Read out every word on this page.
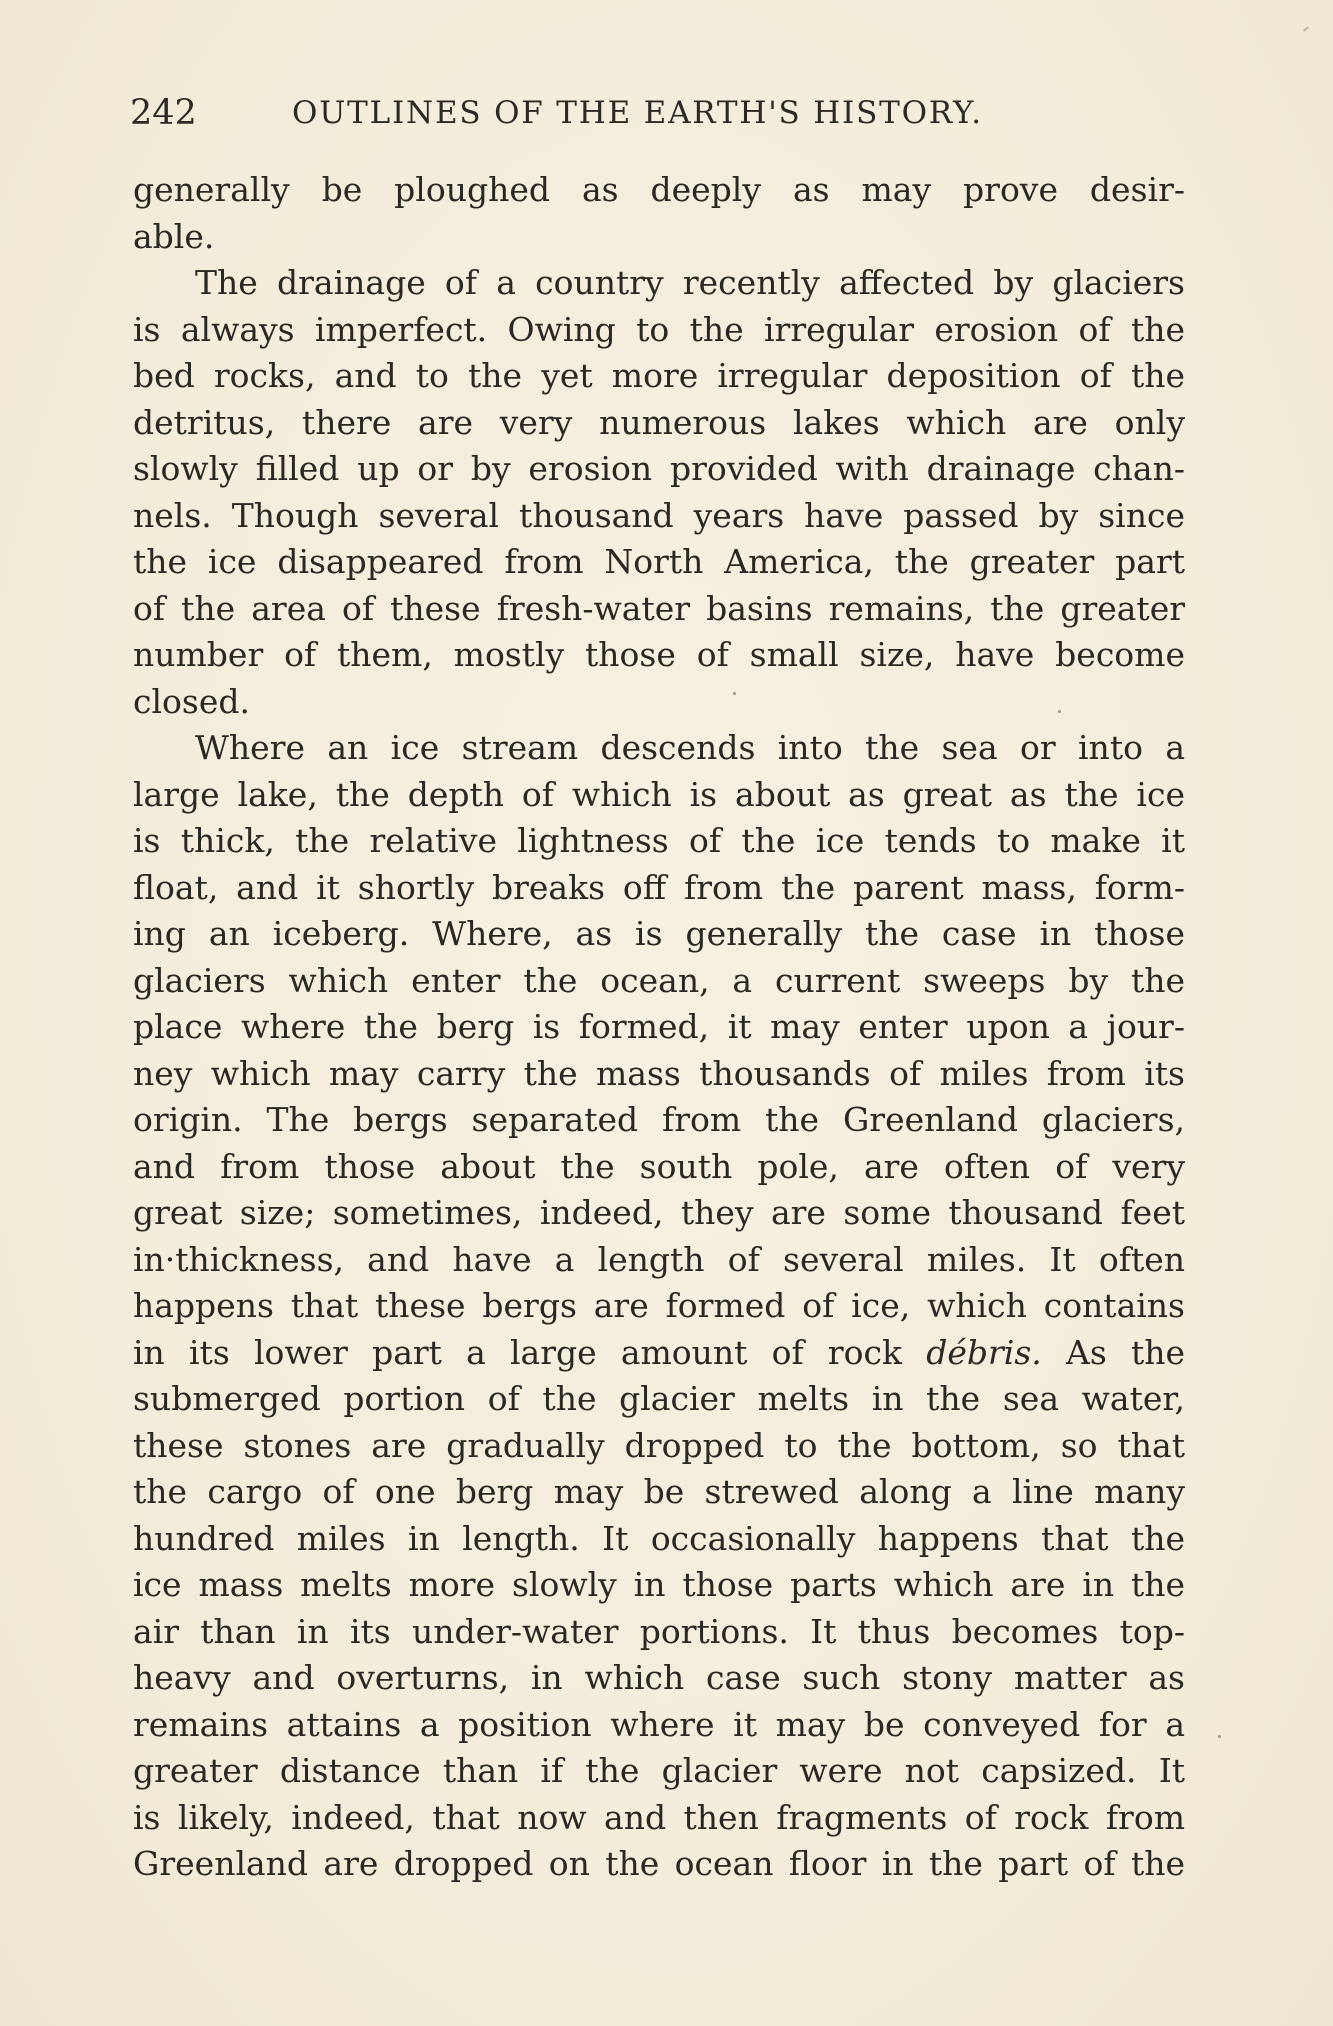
242	OUTLINES OF THE EARTH'S HISTORY.
generally be ploughed as deeply as may prove desir-
able.
The drainage of a country recently affected by glaciers
is always imperfect. Owing to the irregular erosion of the
bed rocks, and to the yet more irregular deposition of the
detritus, there are very numerous lakes which are only
slowly filled up or by erosion provided with drainage chan-
nels. Though several thousand years have passed by since
the ice disappeared from North America, the greater part
of the area of these fresh-water basins remains, the greater
number of them, mostly those of small size, have become
closed.
Where an ice stream descends into the sea or into a
large lake, the depth of which is about as great as the ice
is thick, the relative lightness of the ice tends to make it
float, and it shortly breaks off from the parent mass, form-
ing an iceberg. Where, as is generally the case in those
glaciers which enter the ocean, a current sweeps by the
place where the berg is formed, it may enter upon a jour-
ney which may carry the mass thousands of miles from its
origin. The bergs separated from the Greenland glaciers,
and from those about the south pole, are often of very
great size; sometimes, indeed, they are some thousand feet
in·thickness, and have a length of several miles. It often
happens that these bergs are formed of ice, which contains
in its lower part a large amount of rock débris. As the
submerged portion of the glacier melts in the sea water,
these stones are gradually dropped to the bottom, so that
the cargo of one berg may be strewed along a line many
hundred miles in length. It occasionally happens that the
ice mass melts more slowly in those parts which are in the
air than in its under-water portions. It thus becomes top-
heavy and overturns, in which case such stony matter as
remains attains a position where it may be conveyed for a
greater distance than if the glacier were not capsized. It
is likely, indeed, that now and then fragments of rock from
Greenland are dropped on the ocean floor in the part of the
